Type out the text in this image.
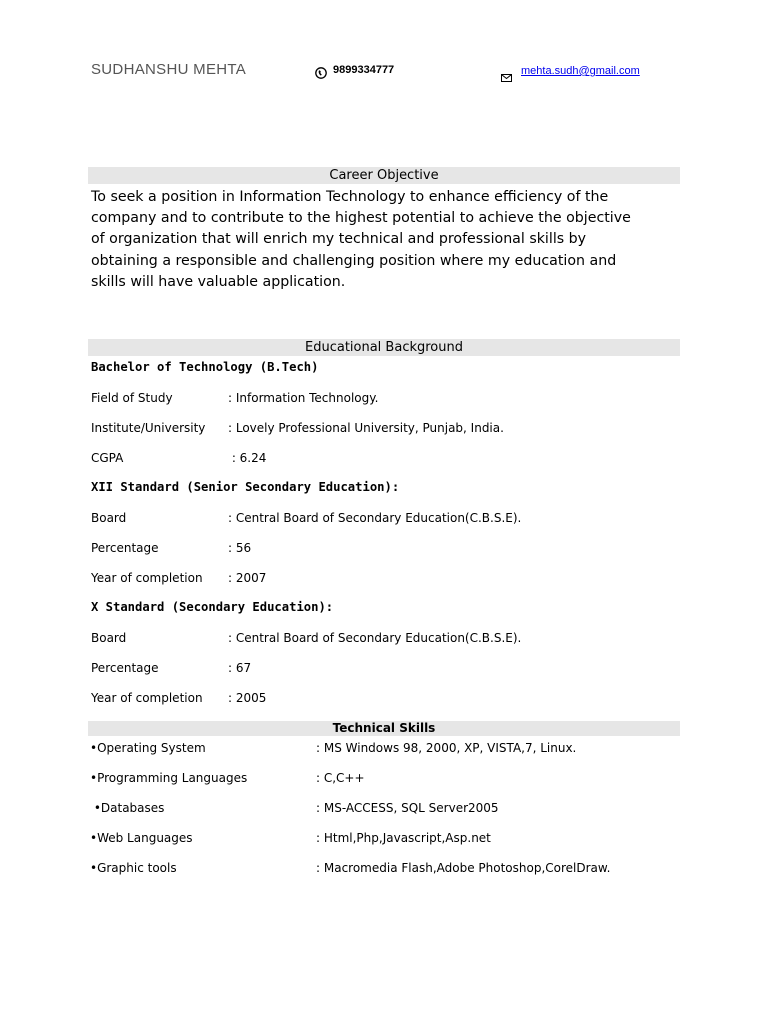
SUDHANSHU MEHTA	9899334777	mehta.sudh@gmail.com
Career Objective
To seek a position in Information Technology to enhance efficiency of the
company and to contribute to the highest potential to achieve the objective
of organization that will enrich my technical and professional skills by
obtaining a responsible and challenging position where my education and
skills will have valuable application.
Educational Background
Bachelor of Technology (B.Tech)
Field of Study	: Information Technology.
Institute/University : Lovely Professional University, Punjab, India.
CGPA	: 6.24
XII Standard (Senior Secondary Education):
Board	: Central Board of Secondary Education(C.B.S.E).
Percentage	: 56
Year of completion : 2007
X Standard (Secondary Education):
Board	: Central Board of Secondary Education(C.B.S.E).
Percentage	: 67
Year of completion : 2005
Technical Skills
•Operating System	: MS Windows 98, 2000, XP, VISTA,7, Linux.
•Programming Languages	: C,C++
•Databases	: MS-ACCESS, SQL Server2005
•Web Languages	: Html,Php,Javascript,Asp.net
•Graphic tools	: Macromedia Flash,Adobe Photoshop,CorelDraw.
